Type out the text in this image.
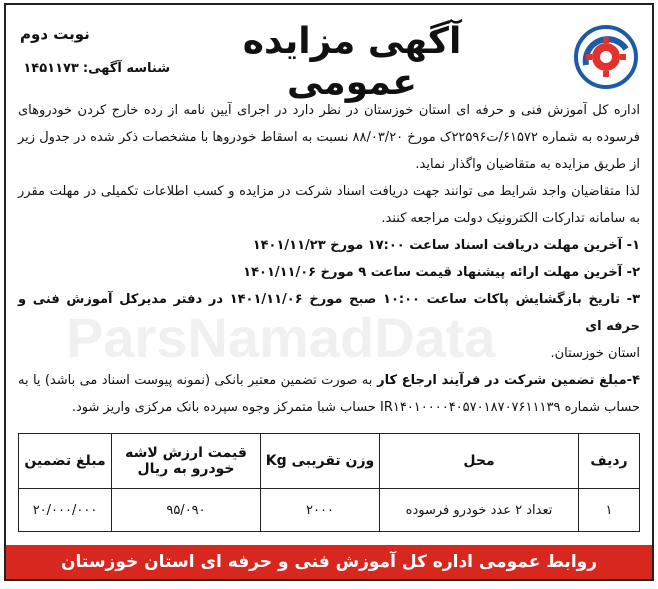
آگهی مزایده عمومی
نوبت دوم
شناسه آگهی:۱۴۵۱۱۷۳
ParsNamadData

اداره کل آموزش فنی و حرفه ای استان خوزستان در نظر دارد در اجرای آیین نامه از رده خارج کردن خودروهای فرسوده به شماره ۶۱۵۷۲/ت۲۲۵۹۶ک مورخ ۸۸/۰۳/۲۰ نسبت به اسقاط خودروها با مشخصات ذکر شده در جدول زیر از طریق مزایده به متقاضیان واگذار نماید.

لذا متقاضیان واجد شرایط می توانند جهت دریافت اسناد شرکت در مزایده و کسب اطلاعات تکمیلی در مهلت مقرر به سامانه تدارکات الکترونیک دولت مراجعه کنند.

۱- آخرین مهلت دریافت اسناد ساعت ۱۷:۰۰ مورخ ۱۴۰۱/۱۱/۲۳

۲- آخرین مهلت ارائه پیشنهاد قیمت ساعت ۹ مورخ ۱۴۰۱/۱۱/۰۶

۳- تاریخ بازگشایش پاکات ساعت ۱۰:۰۰ صبح مورخ ۱۴۰۱/۱۱/۰۶ در دفتر مدیرکل آموزش فنی و حرفه ای

استان خوزستان.

۴-مبلغ تضمین شرکت در فرآیند ارجاع کار به صورت تضمین معتبر بانکی (نمونه پیوست اسناد می باشد) یا به حساب شماره IR۱۴۰۱۰۰۰۰۴۰۵۷۰۱۸۷۰۷۶۱۱۱۳۹ حساب شبا متمرکز وجوه سپرده بانک مرکزی واریز شود.

ردیف	محل	وزن تقریبی Kg	قیمت ارزش لاشه خودرو به ریال	مبلغ تضمین
۱	تعداد ۲ عدد خودرو فرسوده	۲۰۰۰	۹۵/۰۹۰	۲۰/۰۰۰/۰۰۰
روابط عمومی اداره کل آموزش فنی و حرفه ای استان خوزستان
